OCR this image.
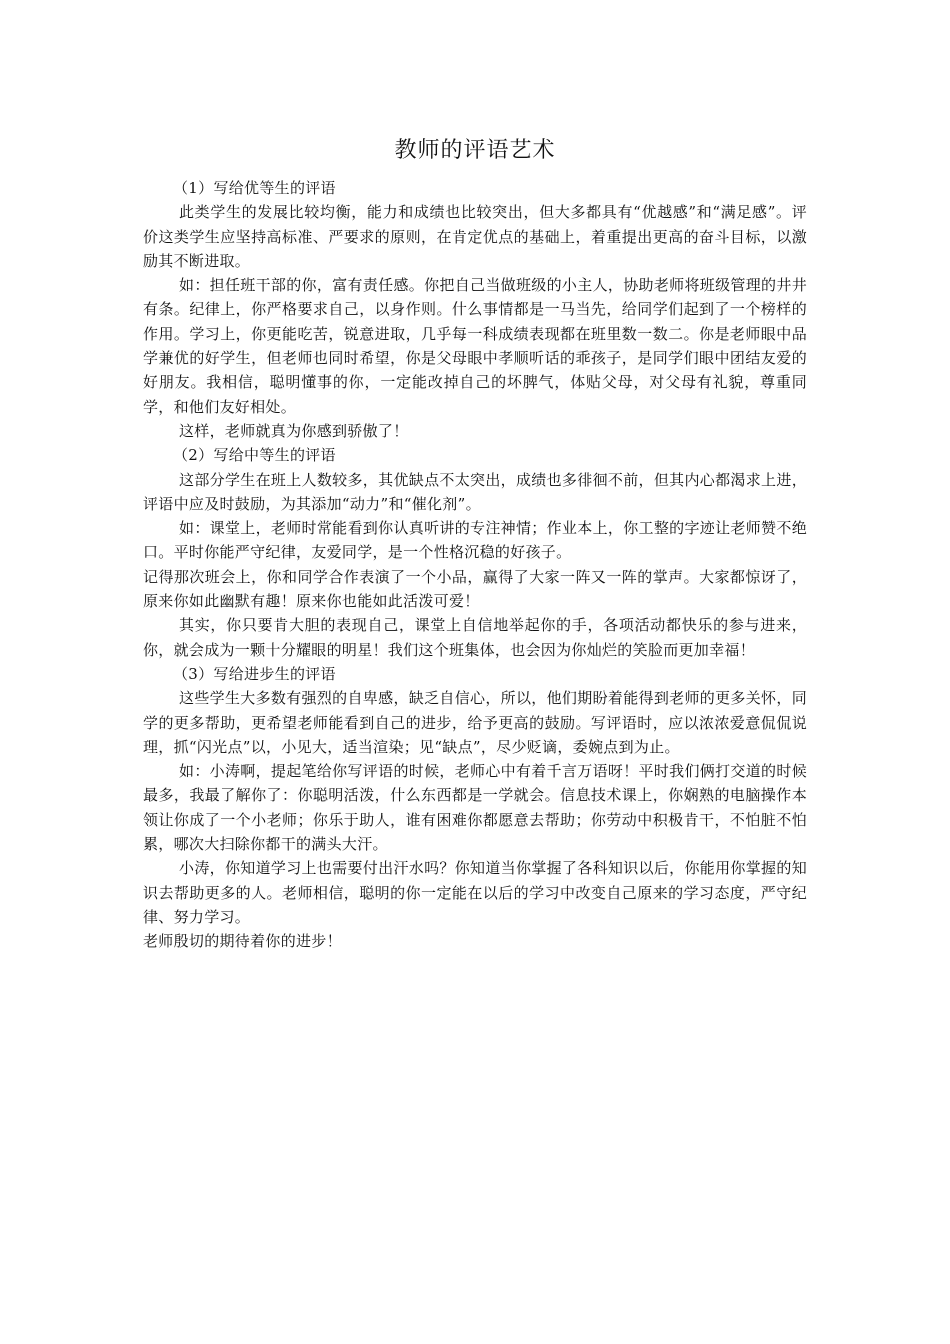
教师的评语艺术

（1）写给优等生的评语

此类学生的发展比较均衡，能力和成绩也比较突出，但大多都具有“优越感”和“满足感”。评价这类学生应坚持高标准、严要求的原则，在肯定优点的基础上，着重提出更高的奋斗目标，以激励其不断进取。

如：担任班干部的你，富有责任感。你把自己当做班级的小主人，协助老师将班级管理的井井有条。纪律上，你严格要求自己，以身作则。什么事情都是一马当先，给同学们起到了一个榜样的作用。学习上，你更能吃苦，锐意进取，几乎每一科成绩表现都在班里数一数二。你是老师眼中品学兼优的好学生，但老师也同时希望，你是父母眼中孝顺听话的乖孩子，是同学们眼中团结友爱的好朋友。我相信，聪明懂事的你，一定能改掉自己的坏脾气，体贴父母，对父母有礼貌，尊重同学，和他们友好相处。

这样，老师就真为你感到骄傲了！

（2）写给中等生的评语

这部分学生在班上人数较多，其优缺点不太突出，成绩也多徘徊不前，但其内心都渴求上进，评语中应及时鼓励，为其添加“动力”和“催化剂”。

如：课堂上，老师时常能看到你认真听讲的专注神情；作业本上，你工整的字迹让老师赞不绝口。平时你能严守纪律，友爱同学，是一个性格沉稳的好孩子。

记得那次班会上，你和同学合作表演了一个小品，赢得了大家一阵又一阵的掌声。大家都惊讶了，原来你如此幽默有趣！原来你也能如此活泼可爱！

其实，你只要肯大胆的表现自己，课堂上自信地举起你的手，各项活动都快乐的参与进来，你，就会成为一颗十分耀眼的明星！我们这个班集体，也会因为你灿烂的笑脸而更加幸福！

（3）写给进步生的评语

这些学生大多数有强烈的自卑感，缺乏自信心，所以，他们期盼着能得到老师的更多关怀，同学的更多帮助，更希望老师能看到自己的进步，给予更高的鼓励。写评语时，应以浓浓爱意侃侃说理，抓“闪光点”以，小见大，适当渲染；见“缺点”，尽少贬谪，委婉点到为止。

如：小涛啊，提起笔给你写评语的时候，老师心中有着千言万语呀！平时我们俩打交道的时候最多，我最了解你了：你聪明活泼，什么东西都是一学就会。信息技术课上，你娴熟的电脑操作本领让你成了一个小老师；你乐于助人，谁有困难你都愿意去帮助；你劳动中积极肯干，不怕脏不怕累，哪次大扫除你都干的满头大汗。

小涛，你知道学习上也需要付出汗水吗？你知道当你掌握了各科知识以后，你能用你掌握的知识去帮助更多的人。老师相信，聪明的你一定能在以后的学习中改变自己原来的学习态度，严守纪律、努力学习。

老师殷切的期待着你的进步！
